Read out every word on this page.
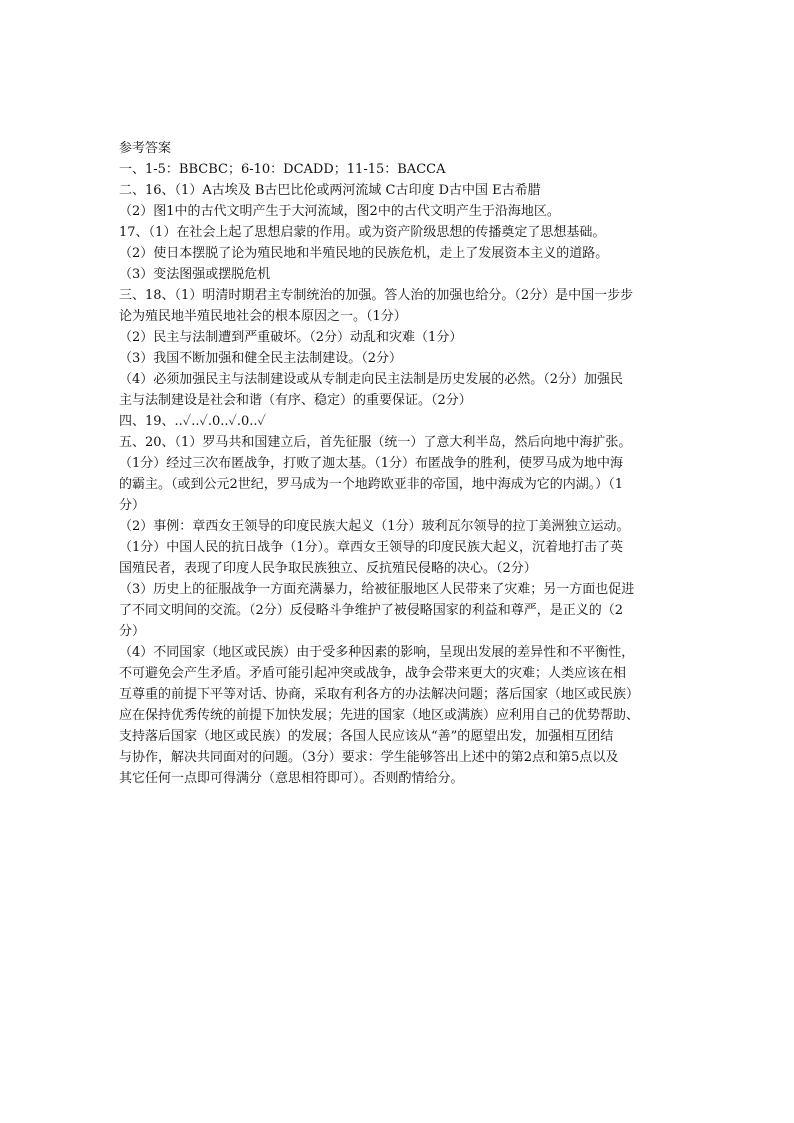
参考答案
一、1-5：BBCBC；6-10：DCADD；11-15：BACCA
二、16、（1）A古埃及 B古巴比伦或两河流域 C古印度 D古中国 E古希腊
（2）图1中的古代文明产生于大河流域，图2中的古代文明产生于沿海地区。
17、（1）在社会上起了思想启蒙的作用。或为资产阶级思想的传播奠定了思想基础。
（2）使日本摆脱了论为殖民地和半殖民地的民族危机，走上了发展资本主义的道路。
（3）变法图强或摆脱危机
三、18、（1）明清时期君主专制统治的加强。答人治的加强也给分。（2分）是中国一步步
论为殖民地半殖民地社会的根本原因之一。（1分）
（2）民主与法制遭到严重破坏。（2分）动乱和灾难（1分）
（3）我国不断加强和健全民主法制建设。（2分）
（4）必须加强民主与法制建设或从专制走向民主法制是历史发展的必然。（2分）加强民
主与法制建设是社会和谐（有序、稳定）的重要保证。（2分）
四、19、..✓..✓.0..✓.0..✓
五、20、（1）罗马共和国建立后，首先征服（统一）了意大利半岛，然后向地中海扩张。
（1分）经过三次布匿战争，打败了迦太基。（1分）布匿战争的胜利，使罗马成为地中海
的霸主。（或到公元2世纪，罗马成为一个地跨欧亚非的帝国，地中海成为它的内湖。）（1
分）
（2）事例：章西女王领导的印度民族大起义（1分）玻利瓦尔领导的拉丁美洲独立运动。
（1分）中国人民的抗日战争（1分）。章西女王领导的印度民族大起义，沉着地打击了英
国殖民者，表现了印度人民争取民族独立、反抗殖民侵略的决心。（2分）
（3）历史上的征服战争一方面充满暴力，给被征服地区人民带来了灾难；另一方面也促进
了不同文明间的交流。（2分）反侵略斗争维护了被侵略国家的利益和尊严，是正义的（2
分）
（4）不同国家（地区或民族）由于受多种因素的影响，呈现出发展的差异性和不平衡性，
不可避免会产生矛盾。矛盾可能引起冲突或战争，战争会带来更大的灾难；人类应该在相
互尊重的前提下平等对话、协商，采取有利各方的办法解决问题；落后国家（地区或民族）
应在保持优秀传统的前提下加快发展；先进的国家（地区或满族）应利用自己的优势帮助、
支持落后国家（地区或民族）的发展；各国人民应该从“善”的愿望出发，加强相互团结
与协作，解决共同面对的问题。（3分）要求：学生能够答出上述中的第2点和第5点以及
其它任何一点即可得满分（意思相符即可）。否则酌情给分。
